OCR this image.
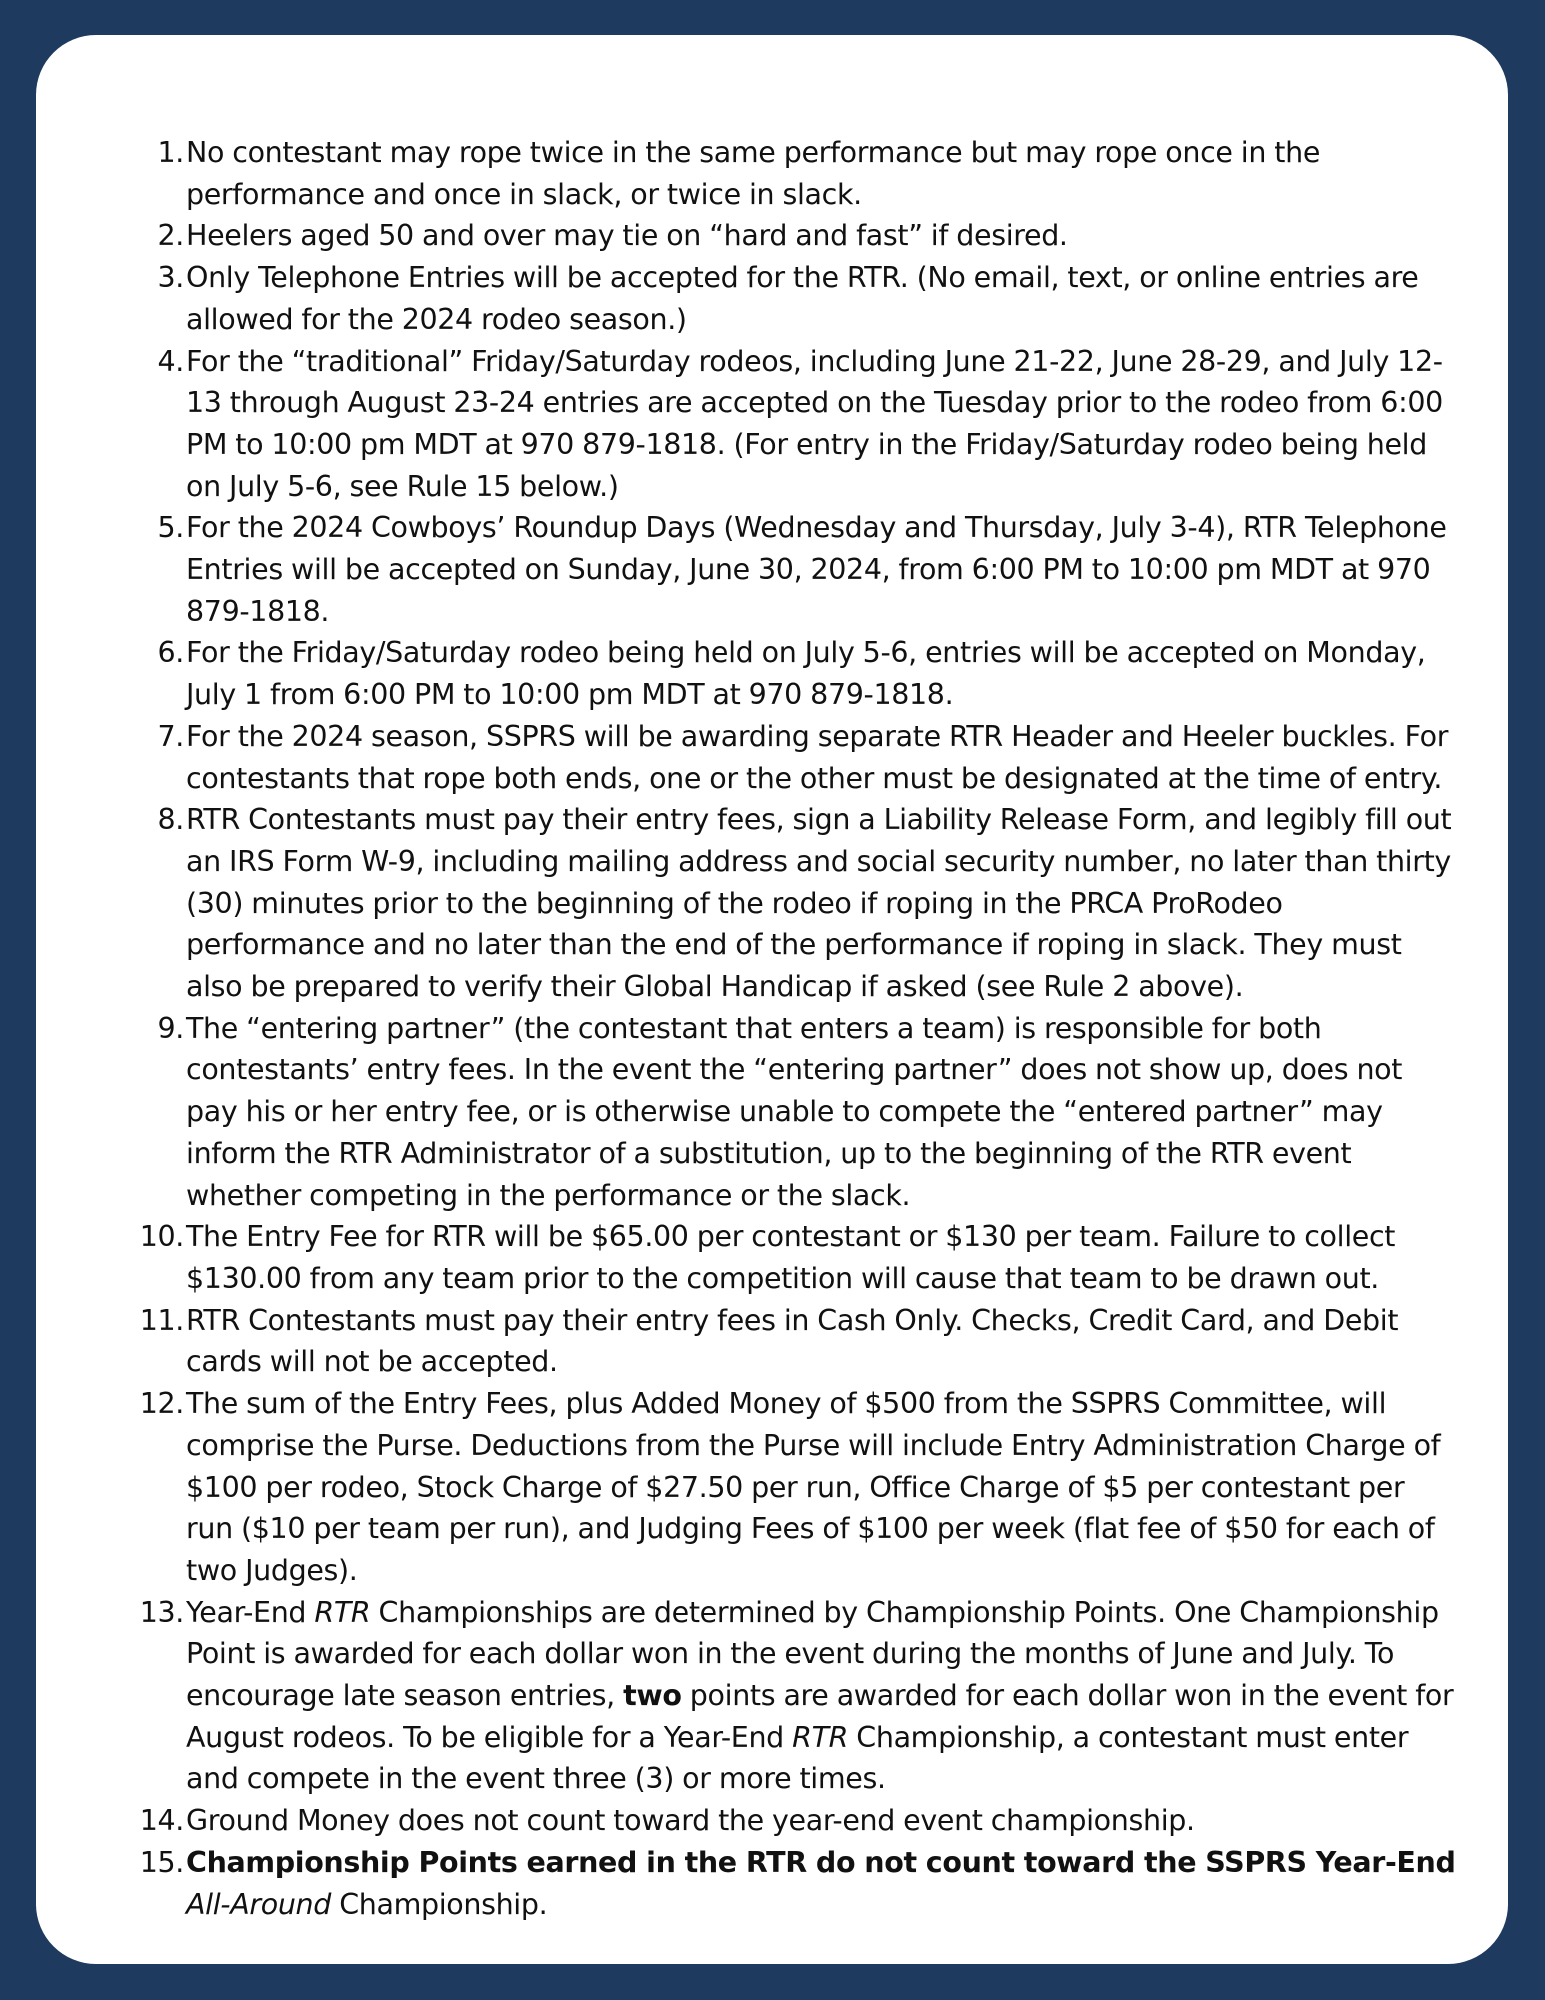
1. No contestant may rope twice in the same performance but may rope once in the performance and once in slack, or twice in slack.
2. Heelers aged 50 and over may tie on “hard and fast” if desired.
3. Only Telephone Entries will be accepted for the RTR. (No email, text, or online entries are allowed for the 2024 rodeo season.)
4. For the “traditional” Friday/Saturday rodeos, including June 21-22, June 28-29, and July 12-13 through August 23-24 entries are accepted on the Tuesday prior to the rodeo from 6:00 PM to 10:00 pm MDT at 970 879-1818. (For entry in the Friday/Saturday rodeo being held on July 5-6, see Rule 15 below.)
5. For the 2024 Cowboys’ Roundup Days (Wednesday and Thursday, July 3-4), RTR Telephone Entries will be accepted on Sunday, June 30, 2024, from 6:00 PM to 10:00 pm MDT at 970 879-1818.
6. For the Friday/Saturday rodeo being held on July 5-6, entries will be accepted on Monday, July 1 from 6:00 PM to 10:00 pm MDT at 970 879-1818.
7. For the 2024 season, SSPRS will be awarding separate RTR Header and Heeler buckles. For contestants that rope both ends, one or the other must be designated at the time of entry.
8. RTR Contestants must pay their entry fees, sign a Liability Release Form, and legibly fill out an IRS Form W-9, including mailing address and social security number, no later than thirty (30) minutes prior to the beginning of the rodeo if roping in the PRCA ProRodeo performance and no later than the end of the performance if roping in slack. They must also be prepared to verify their Global Handicap if asked (see Rule 2 above).
9. The “entering partner” (the contestant that enters a team) is responsible for both contestants’ entry fees. In the event the “entering partner” does not show up, does not pay his or her entry fee, or is otherwise unable to compete the “entered partner” may inform the RTR Administrator of a substitution, up to the beginning of the RTR event whether competing in the performance or the slack.
10. The Entry Fee for RTR will be $65.00 per contestant or $130 per team. Failure to collect $130.00 from any team prior to the competition will cause that team to be drawn out.
11. RTR Contestants must pay their entry fees in Cash Only. Checks, Credit Card, and Debit cards will not be accepted.
12. The sum of the Entry Fees, plus Added Money of $500 from the SSPRS Committee, will comprise the Purse. Deductions from the Purse will include Entry Administration Charge of $100 per rodeo, Stock Charge of $27.50 per run, Office Charge of $5 per contestant per run ($10 per team per run), and Judging Fees of $100 per week (flat fee of $50 for each of two Judges).
13. Year-End RTR Championships are determined by Championship Points. One Championship Point is awarded for each dollar won in the event during the months of June and July. To encourage late season entries, two points are awarded for each dollar won in the event for August rodeos. To be eligible for a Year-End RTR Championship, a contestant must enter and compete in the event three (3) or more times.
14. Ground Money does not count toward the year-end event championship.
15. Championship Points earned in the RTR do not count toward the SSPRS Year-End All-Around Championship.
